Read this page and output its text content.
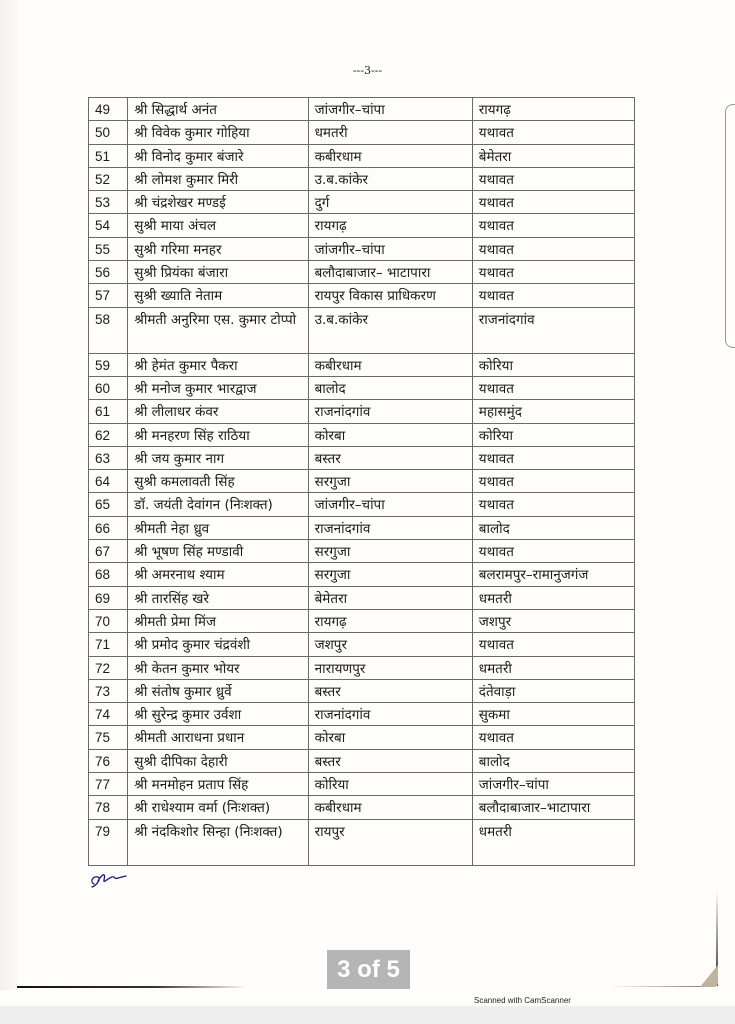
---3---
49	श्री सिद्धार्थ अनंत	जांजगीर–चांपा	रायगढ़
50	श्री विवेक कुमार गोहिया	धमतरी	यथावत
51	श्री विनोद कुमार बंजारे	कबीरधाम	बेमेतरा
52	श्री लोमश कुमार मिरी	उ.ब.कांकेर	यथावत
53	श्री चंद्रशेखर मण्डई	दुर्ग	यथावत
54	सुश्री माया अंचल	रायगढ़	यथावत
55	सुश्री गरिमा मनहर	जांजगीर–चांपा	यथावत
56	सुश्री प्रियंका बंजारा	बलौदाबाजार– भाटापारा	यथावत
57	सुश्री ख्याति नेताम	रायपुर विकास प्राधिकरण	यथावत
58	श्रीमती अनुरिमा एस. कुमार टोप्पो	उ.ब.कांकेर	राजनांदगांव
59	श्री हेमंत कुमार पैकरा	कबीरधाम	कोरिया
60	श्री मनोज कुमार भारद्वाज	बालोद	यथावत
61	श्री लीलाधर कंवर	राजनांदगांव	महासमुंद
62	श्री मनहरण सिंह राठिया	कोरबा	कोरिया
63	श्री जय कुमार नाग	बस्तर	यथावत
64	सुश्री कमलावती सिंह	सरगुजा	यथावत
65	डॉ. जयंती देवांगन (निःशक्त)	जांजगीर–चांपा	यथावत
66	श्रीमती नेहा ध्रुव	राजनांदगांव	बालोद
67	श्री भूषण सिंह मण्डावी	सरगुजा	यथावत
68	श्री अमरनाथ श्याम	सरगुजा	बलरामपुर–रामानुजगंज
69	श्री तारसिंह खरे	बेमेतरा	धमतरी
70	श्रीमती प्रेमा मिंज	रायगढ़	जशपुर
71	श्री प्रमोद कुमार चंद्रवंशी	जशपुर	यथावत
72	श्री केतन कुमार भोयर	नारायणपुर	धमतरी
73	श्री संतोष कुमार ध्रुर्वे	बस्तर	दंतेवाड़ा
74	श्री सुरेन्द्र कुमार उर्वशा	राजनांदगांव	सुकमा
75	श्रीमती आराधना प्रधान	कोरबा	यथावत
76	सुश्री दीपिका देहारी	बस्तर	बालोद
77	श्री मनमोहन प्रताप सिंह	कोरिया	जांजगीर–चांपा
78	श्री राधेश्याम वर्मा (निःशक्त)	कबीरधाम	बलौदाबाजार–भाटापारा
79	श्री नंदकिशोर सिन्हा (निःशक्त)	रायपुर	धमतरी
3 of 5
Scanned with CamScanner
